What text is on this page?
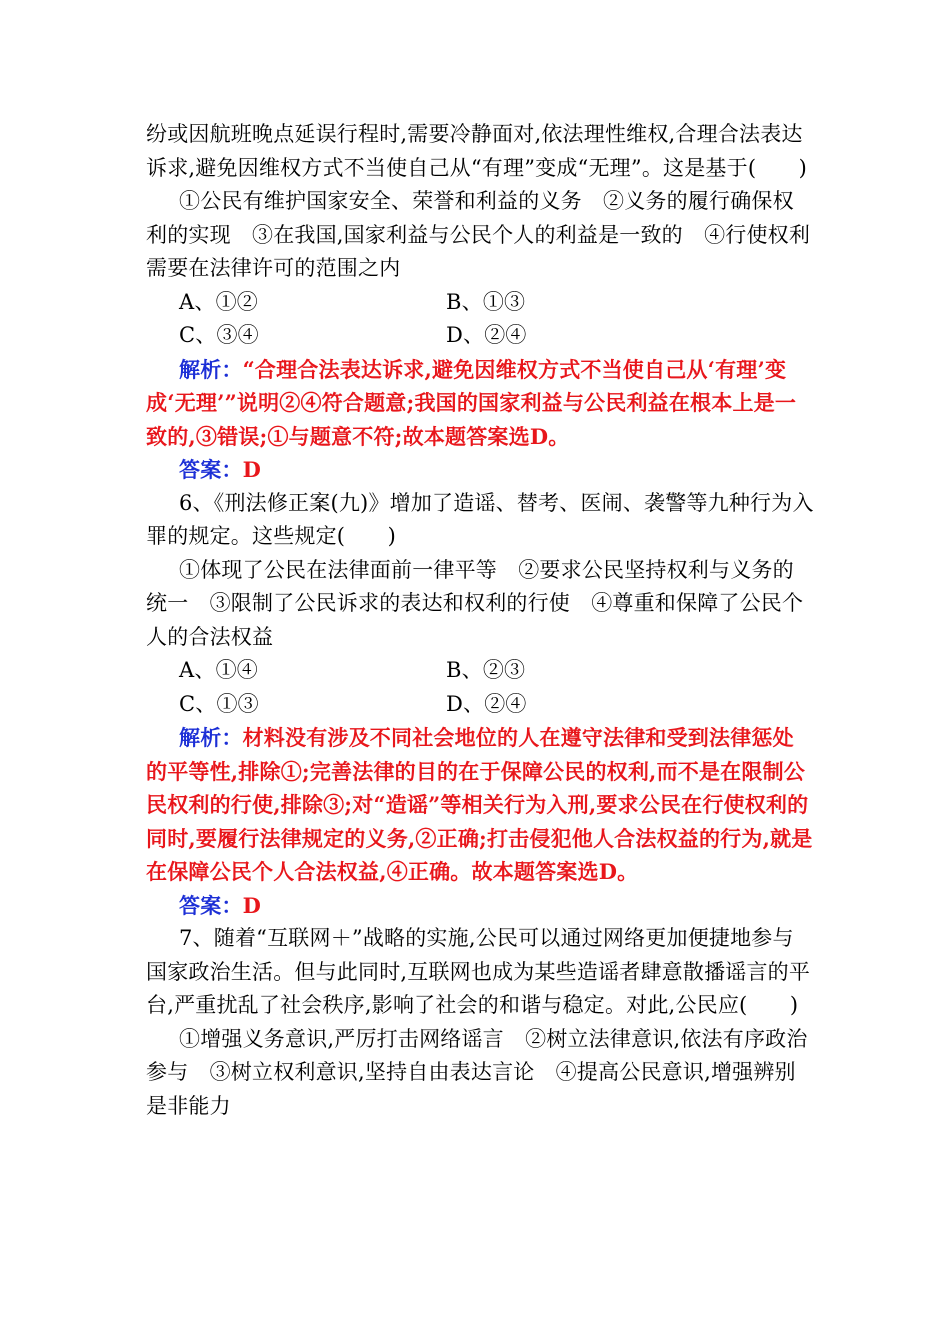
纷或因航班晚点延误行程时,需要冷静面对,依法理性维权,合理合法表达诉求,避免因维权方式不当使自己从“有理”变成“无理”。这是基于(　　)

①公民有维护国家安全、荣誉和利益的义务　②义务的履行确保权利的实现　③在我国,国家利益与公民个人的利益是一致的　④行使权利需要在法律许可的范围之内

A、①②	B、①③
C、③④	D、②④

解析：“合理合法表达诉求,避免因维权方式不当使自己从‘有理’变成‘无理’”说明②④符合题意;我国的国家利益与公民利益在根本上是一致的,③错误;①与题意不符;故本题答案选D。

答案：D

6、《刑法修正案(九)》增加了造谣、替考、医闹、袭警等九种行为入罪的规定。这些规定(　　)

①体现了公民在法律面前一律平等　②要求公民坚持权利与义务的统一　③限制了公民诉求的表达和权利的行使　④尊重和保障了公民个人的合法权益

A、①④	B、②③
C、①③	D、②④

解析：材料没有涉及不同社会地位的人在遵守法律和受到法律惩处的平等性,排除①;完善法律的目的在于保障公民的权利,而不是在限制公民权利的行使,排除③;对“造谣”等相关行为入刑,要求公民在行使权利的同时,要履行法律规定的义务,②正确;打击侵犯他人合法权益的行为,就是在保障公民个人合法权益,④正确。故本题答案选D。

答案：D

7、随着“互联网＋”战略的实施,公民可以通过网络更加便捷地参与国家政治生活。但与此同时,互联网也成为某些造谣者肆意散播谣言的平台,严重扰乱了社会秩序,影响了社会的和谐与稳定。对此,公民应(　　)

①增强义务意识,严厉打击网络谣言　②树立法律意识,依法有序政治参与　③树立权利意识,坚持自由表达言论　④提高公民意识,增强辨别是非能力
